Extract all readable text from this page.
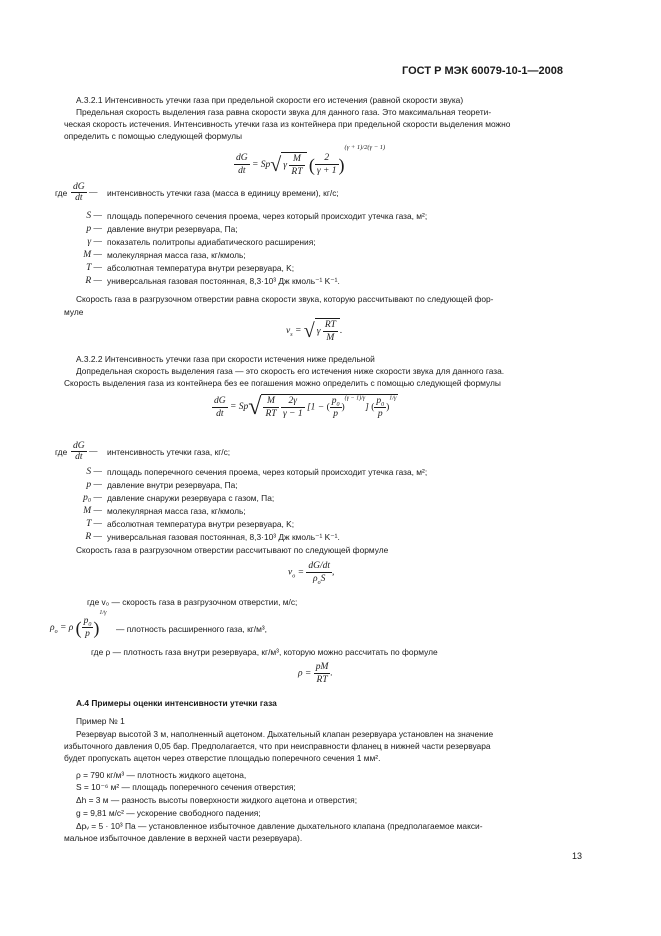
ГОСТ Р МЭК 60079-10-1—2008
A.3.2.1 Интенсивность утечки газа при предельной скорости его истечения (равной скорости звука)
Предельная скорость выделения газа равна скорости звука для данного газа. Это максимальная теорети-
ческая скорость истечения. Интенсивность утечки газа из контейнера при предельной скорости выделения можно
определить с помощью следующей формулы
$\frac{dG}{dt} = Sp√$ γ $\frac{M}{RT}$ ( $\frac{2}{\gamma + 1} )^{(\gamma + 1)/2(\gamma - 1)}$
где $\frac{dG}{dt}$ — интенсивность утечки газа (масса в единицу времени), кг/с;
S — площадь поперечного сечения проема, через который происходит утечка газа, м²;
p — давление внутри резервуара, Па;
γ — показатель политропы адиабатического расширения;
M — молекулярная масса газа, кг/кмоль;
T — абсолютная температура внутри резервуара, K;
R — универсальная газовая постоянная, 8,3·10³ Дж кмоль⁻¹ K⁻¹.
Скорость газа в разгрузочном отверстии равна скорости звука, которую рассчитывают по следующей фор-
муле
$v_s$ = √ γ $\frac{RT}{M}$ .
A.3.2.2 Интенсивность утечки газа при скорости истечения ниже предельной
Допредельная скорость выделения газа — это скорость его истечения ниже скорости звука для данного газа.
Скорость выделения газа из контейнера без ее погашения можно определить с помощью следующей формулы
$\frac{dG}{dt} = Sp√ \frac{M}{RT}$
$\frac{2\gamma}{\gamma - 1} [1$ − ( $\frac{p_0}{p} )^{(\gamma - 1)/\gamma}$] ( $\frac{p_0}{p} )^{1/\gamma}$
где $\frac{dG}{dt}$ — интенсивность утечки газа, кг/с;
S — площадь поперечного сечения проема, через который происходит утечка газа, м²;
p — давление внутри резервуара, Па;
p₀ — давление снаружи резервуара с газом, Па;
M — молекулярная масса газа, кг/кмоль;
T — абсолютная температура внутри резервуара, K;
R — универсальная газовая постоянная, 8,3·10³ Дж кмоль⁻¹ K⁻¹.
Скорость газа в разгрузочном отверстии рассчитывают по следующей формуле
$v_o = \frac{dG/dt}{\rho_oS}$ ,
где v₀ — скорость газа в разгрузочном отверстии, м/с;
$\rho_o = \rho$ ( $\frac{p_0}{p} )^{1/\gamma}$
— плотность расширенного газа, кг/м³,
где ρ — плотность газа внутри резервуара, кг/м³, которую можно рассчитать по формуле
$\rho = \frac{pM}{RT}$ .
A.4 Примеры оценки интенсивности утечки газа
Пример № 1
Резервуар высотой 3 м, наполненный ацетоном. Дыхательный клапан резервуара установлен на значение
избыточного давления 0,05 бар. Предполагается, что при неисправности фланец в нижней части резервуара
будет пропускать ацетон через отверстие площадью поперечного сечения 1 мм².
ρ = 790 кг/м³ — плотность жидкого ацетона,
S = 10⁻⁶ м² — площадь поперечного сечения отверстия;
Δh = 3 м — разность высоты поверхности жидкого ацетона и отверстия;
g = 9,81 м/с² — ускорение свободного падения;
Δpᵥ = 5 · 10³ Па — установленное избыточное давление дыхательного клапана (предполагаемое макси-
мальное избыточное давление в верхней части резервуара).
13
